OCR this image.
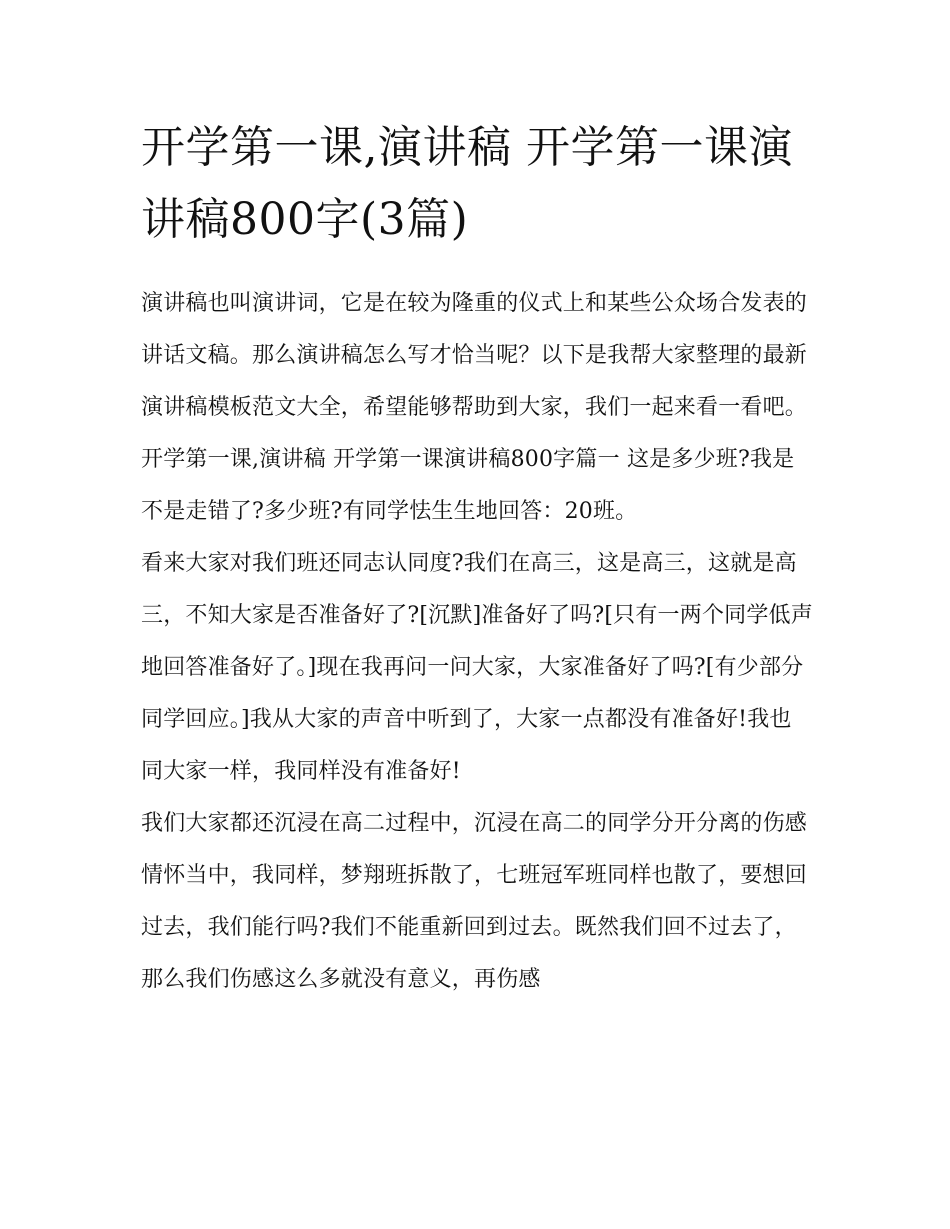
开学第一课,演讲稿 开学第一课演讲稿800字(3篇)

演讲稿也叫演讲词，它是在较为隆重的仪式上和某些公众场合发表的讲话文稿。那么演讲稿怎么写才恰当呢？以下是我帮大家整理的最新演讲稿模板范文大全，希望能够帮助到大家，我们一起来看一看吧。

开学第一课,演讲稿 开学第一课演讲稿800字篇一 这是多少班?我是不是走错了?多少班?有同学怯生生地回答：20班。

看来大家对我们班还同志认同度?我们在高三，这是高三，这就是高三，不知大家是否准备好了?[沉默]准备好了吗?[只有一两个同学低声地回答准备好了。]现在我再问一问大家，大家准备好了吗?[有少部分同学回应。]我从大家的声音中听到了，大家一点都没有准备好!我也同大家一样，我同样没有准备好!

我们大家都还沉浸在高二过程中，沉浸在高二的同学分开分离的伤感情怀当中，我同样，梦翔班拆散了，七班冠军班同样也散了，要想回过去，我们能行吗?我们不能重新回到过去。既然我们回不过去了，那么我们伤感这么多就没有意义，再伤感
